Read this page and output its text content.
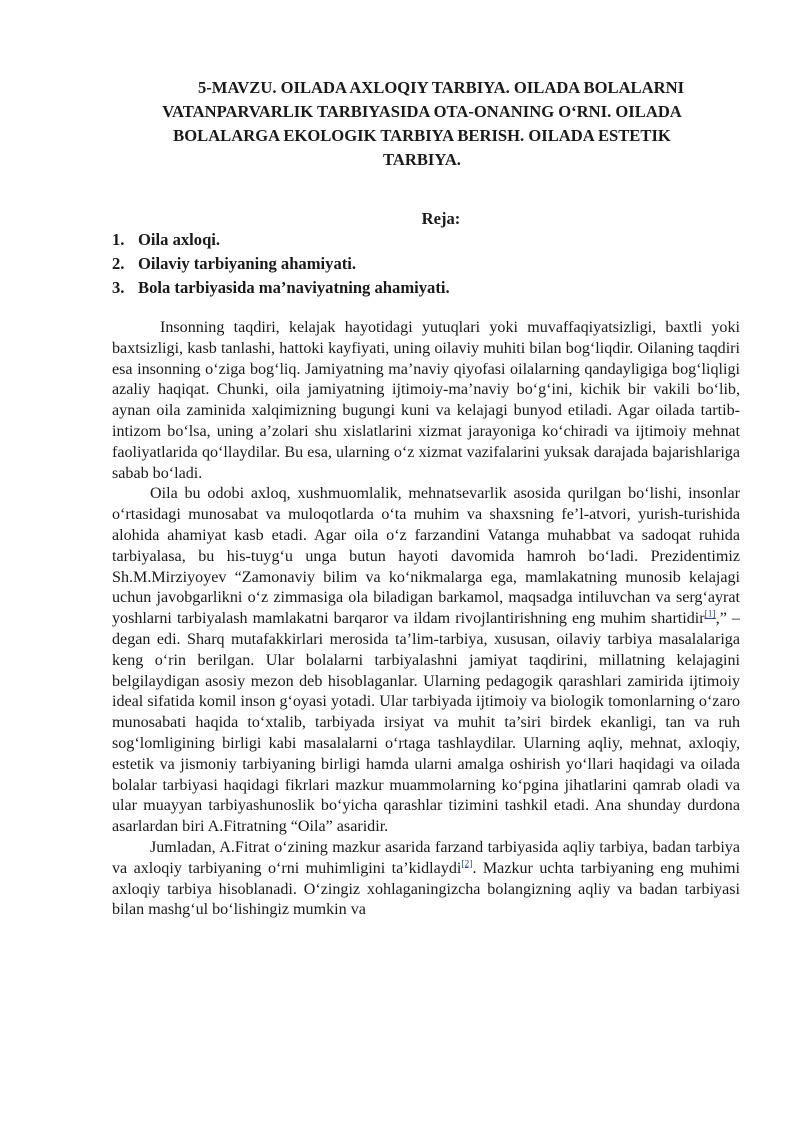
5-MAVZU. OILADA AXLOQIY TARBIYA. OILADA BOLALARNI
VATANPARVARLIK TARBIYASIDA OTA-ONANING O‘RNI. OILADA
BOLALARGA EKOLOGIK TARBIYA BERISH. OILADA ESTETIK
TARBIYA.
Reja:
1. Oila axloqi.
2. Oilaviy tarbiyaning ahamiyati.
3. Bola tarbiyasida ma’naviyatning ahamiyati.

Insonning taqdiri, kelajak hayotidagi yutuqlari yoki muvaffaqiyatsizligi, baxtli yoki baxtsizligi, kasb tanlashi, hattoki kayfiyati, uning oilaviy muhiti bilan bog‘liqdir. Oilaning taqdiri esa insonning o‘ziga bog‘liq. Jamiyatning ma’naviy qiyofasi oilalarning qandayligiga bog‘liqligi azaliy haqiqat. Chunki, oila jamiyatning ijtimoiy-ma’naviy bo‘g‘ini, kichik bir vakili bo‘lib, aynan oila zaminida xalqimizning bugungi kuni va kelajagi bunyod etiladi. Agar oilada tartib-intizom bo‘lsa, uning a’zolari shu xislatlarini xizmat jarayoniga ko‘chiradi va ijtimoiy mehnat faoliyatlarida qo‘llaydilar. Bu esa, ularning o‘z xizmat vazifalarini yuksak darajada bajarishlariga sabab bo‘ladi.

Oila bu odobi axloq, xushmuomlalik, mehnatsevarlik asosida qurilgan bo‘lishi, insonlar o‘rtasidagi munosabat va muloqotlarda o‘ta muhim va shaxsning fe’l-atvori, yurish-turishida alohida ahamiyat kasb etadi. Agar oila o‘z farzandini Vatanga muhabbat va sadoqat ruhida tarbiyalasa, bu his-tuyg‘u unga butun hayoti davomida hamroh bo‘ladi. Prezidentimiz Sh.M.Mirziyoyev “Zamonaviy bilim va ko‘nikmalarga ega, mamlakatning munosib kelajagi uchun javobgarlikni o‘z zimmasiga ola biladigan barkamol, maqsadga intiluvchan va serg‘ayrat yoshlarni tarbiyalash mamlakatni barqaror va ildam rivojlantirishning eng muhim shartidir[1],” – degan edi. Sharq mutafakkirlari merosida ta’lim-tarbiya, xususan, oilaviy tarbiya masalalariga keng o‘rin berilgan. Ular bolalarni tarbiyalashni jamiyat taqdirini, millatning kelajagini belgilaydigan asosiy mezon deb hisoblaganlar. Ularning pedagogik qarashlari zamirida ijtimoiy ideal sifatida komil inson g‘oyasi yotadi. Ular tarbiyada ijtimoiy va biologik tomonlarning o‘zaro munosabati haqida to‘xtalib, tarbiyada irsiyat va muhit ta’siri birdek ekanligi, tan va ruh sog‘lomligining birligi kabi masalalarni o‘rtaga tashlaydilar. Ularning aqliy, mehnat, axloqiy, estetik va jismoniy tarbiyaning birligi hamda ularni amalga oshirish yo‘llari haqidagi va oilada bolalar tarbiyasi haqidagi fikrlari mazkur muammolarning ko‘pgina jihatlarini qamrab oladi va ular muayyan tarbiyashunoslik bo‘yicha qarashlar tizimini tashkil etadi. Ana shunday durdona asarlardan biri A.Fitratning “Oila” asaridir.

Jumladan, A.Fitrat o‘zining mazkur asarida farzand tarbiyasida aqliy tarbiya, badan tarbiya va axloqiy tarbiyaning o‘rni muhimligini ta’kidlaydi[2]. Mazkur uchta tarbiyaning eng muhimi axloqiy tarbiya hisoblanadi. O‘zingiz xohlaganingizcha bolangizning aqliy va badan tarbiyasi bilan mashg‘ul bo‘lishingiz mumkin va
